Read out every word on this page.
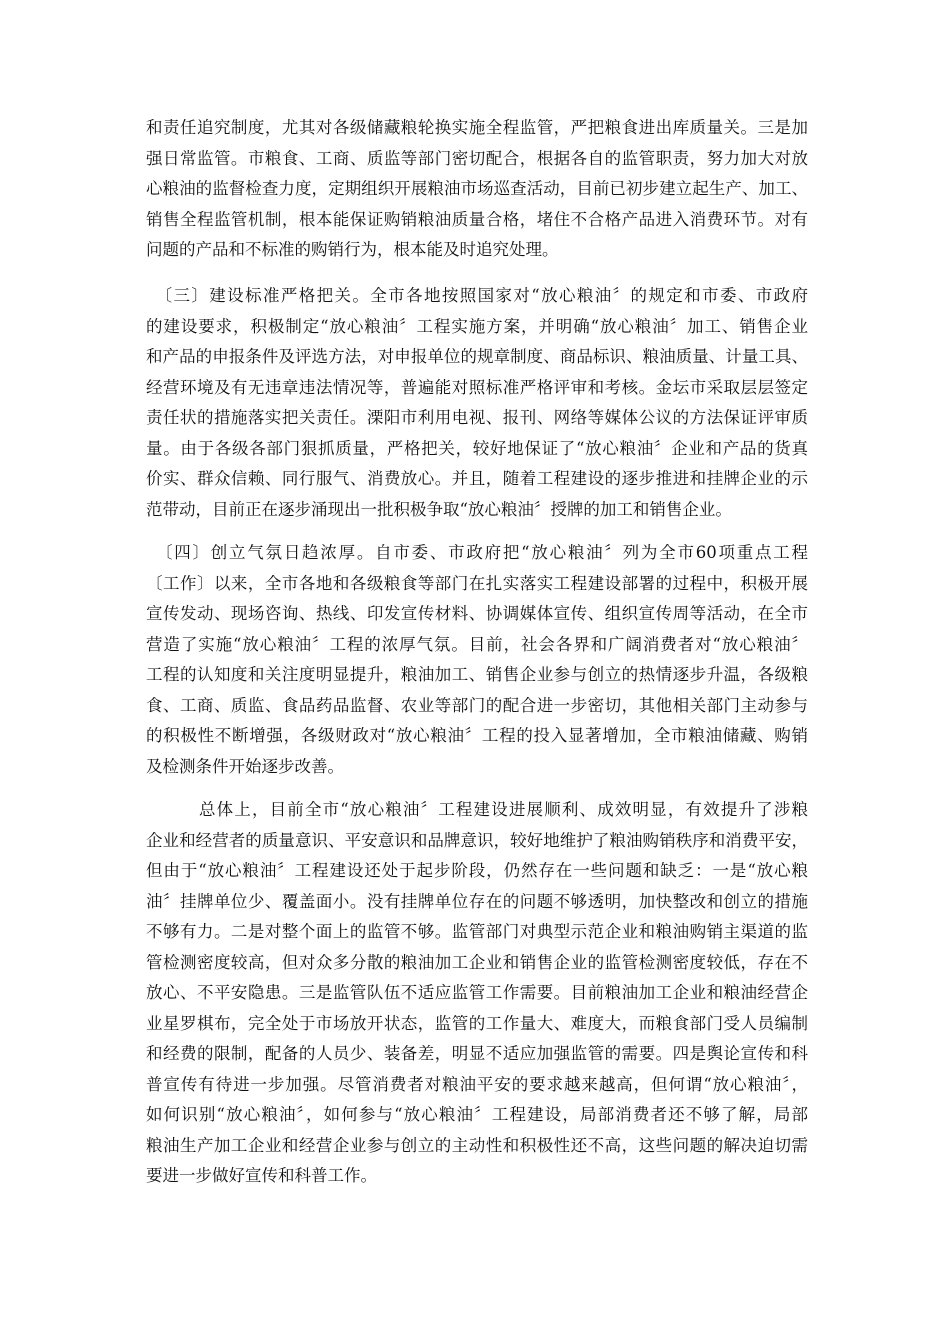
和责任追究制度，尤其对各级储藏粮轮换实施全程监管，严把粮食进出库质量关。三是加
强日常监管。市粮食、工商、质监等部门密切配合，根据各自的监管职责，努力加大对放
心粮油的监督检查力度，定期组织开展粮油市场巡查活动，目前已初步建立起生产、加工、
销售全程监管机制，根本能保证购销粮油质量合格，堵住不合格产品进入消费环节。对有
问题的产品和不标准的购销行为，根本能及时追究处理。

　〔三〕建设标准严格把关。全市各地按照国家对“放心粮油〞的规定和市委、市政府
的建设要求，积极制定“放心粮油〞工程实施方案，并明确“放心粮油〞加工、销售企业
和产品的申报条件及评选方法，对申报单位的规章制度、商品标识、粮油质量、计量工具、
经营环境及有无违章违法情况等，普遍能对照标准严格评审和考核。金坛市采取层层签定
责任状的措施落实把关责任。溧阳市利用电视、报刊、网络等媒体公议的方法保证评审质
量。由于各级各部门狠抓质量，严格把关，较好地保证了“放心粮油〞企业和产品的货真
价实、群众信赖、同行服气、消费放心。并且，随着工程建设的逐步推进和挂牌企业的示
范带动，目前正在逐步涌现出一批积极争取“放心粮油〞授牌的加工和销售企业。

　〔四〕创立气氛日趋浓厚。自市委、市政府把“放心粮油〞列为全市60项重点工程
〔工作〕以来，全市各地和各级粮食等部门在扎实落实工程建设部署的过程中，积极开展
宣传发动、现场咨询、热线、印发宣传材料、协调媒体宣传、组织宣传周等活动，在全市
营造了实施“放心粮油〞工程的浓厚气氛。目前，社会各界和广阔消费者对“放心粮油〞
工程的认知度和关注度明显提升，粮油加工、销售企业参与创立的热情逐步升温，各级粮
食、工商、质监、食品药品监督、农业等部门的配合进一步密切，其他相关部门主动参与
的积极性不断增强，各级财政对“放心粮油〞工程的投入显著增加，全市粮油储藏、购销
及检测条件开始逐步改善。

　　　总体上，目前全市“放心粮油〞工程建设进展顺利、成效明显，有效提升了涉粮
企业和经营者的质量意识、平安意识和品牌意识，较好地维护了粮油购销秩序和消费平安，
但由于“放心粮油〞工程建设还处于起步阶段，仍然存在一些问题和缺乏：一是“放心粮
油〞挂牌单位少、覆盖面小。没有挂牌单位存在的问题不够透明，加快整改和创立的措施
不够有力。二是对整个面上的监管不够。监管部门对典型示范企业和粮油购销主渠道的监
管检测密度较高，但对众多分散的粮油加工企业和销售企业的监管检测密度较低，存在不
放心、不平安隐患。三是监管队伍不适应监管工作需要。目前粮油加工企业和粮油经营企
业星罗棋布，完全处于市场放开状态，监管的工作量大、难度大，而粮食部门受人员编制
和经费的限制，配备的人员少、装备差，明显不适应加强监管的需要。四是舆论宣传和科
普宣传有待进一步加强。尽管消费者对粮油平安的要求越来越高，但何谓“放心粮油〞，
如何识别“放心粮油〞，如何参与“放心粮油〞工程建设，局部消费者还不够了解，局部
粮油生产加工企业和经营企业参与创立的主动性和积极性还不高，这些问题的解决迫切需
要进一步做好宣传和科普工作。
